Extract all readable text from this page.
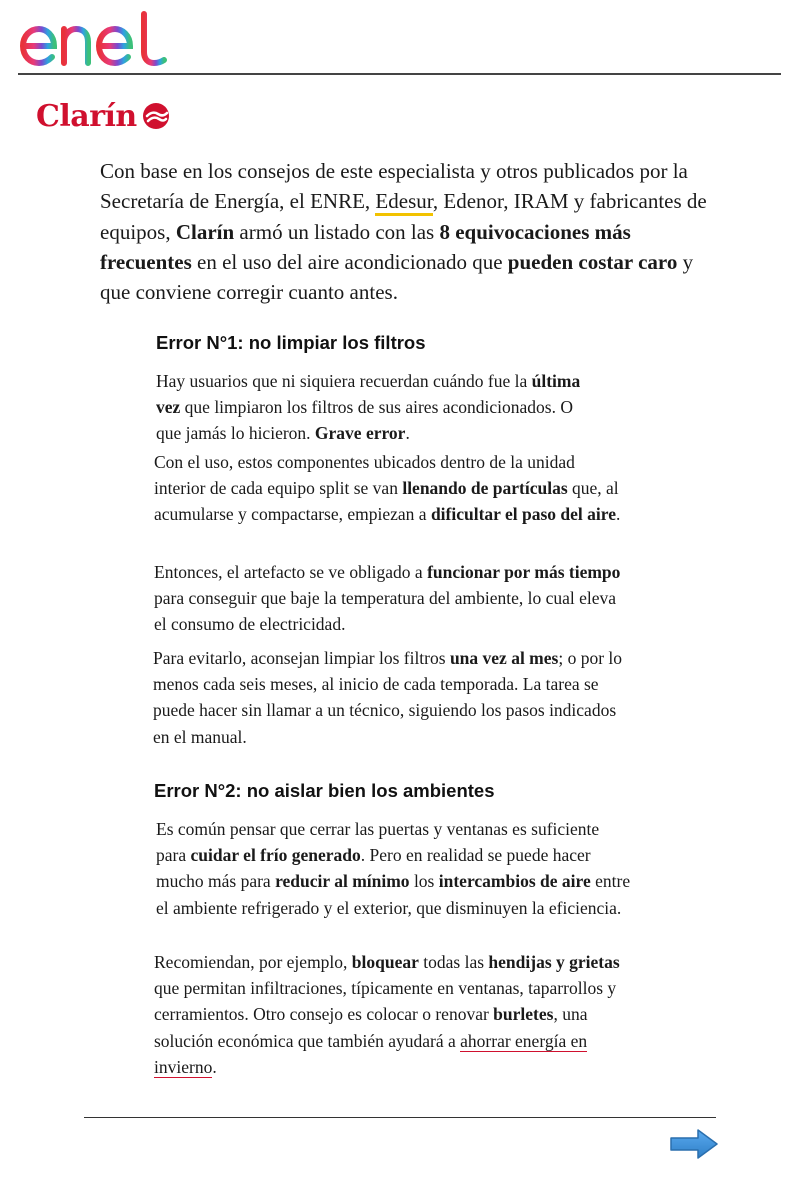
Clarín

Con base en los consejos de este especialista y otros publicados por la Secretaría de Energía, el ENRE, Edesur, Edenor, IRAM y fabricantes de equipos, Clarín armó un listado con las 8 equivocaciones más frecuentes en el uso del aire acondicionado que pueden costar caro y que conviene corregir cuanto antes.

Error N°1: no limpiar los filtros

Hay usuarios que ni siquiera recuerdan cuándo fue la última vez que limpiaron los filtros de sus aires acondicionados. O que jamás lo hicieron. Grave error.

Con el uso, estos componentes ubicados dentro de la unidad interior de cada equipo split se van llenando de partículas que, al acumularse y compactarse, empiezan a dificultar el paso del aire.

Entonces, el artefacto se ve obligado a funcionar por más tiempo para conseguir que baje la temperatura del ambiente, lo cual eleva el consumo de electricidad.

Para evitarlo, aconsejan limpiar los filtros una vez al mes; o por lo menos cada seis meses, al inicio de cada temporada. La tarea se puede hacer sin llamar a un técnico, siguiendo los pasos indicados en el manual.

Error N°2: no aislar bien los ambientes

Es común pensar que cerrar las puertas y ventanas es suficiente para cuidar el frío generado. Pero en realidad se puede hacer mucho más para reducir al mínimo los intercambios de aire entre el ambiente refrigerado y el exterior, que disminuyen la eficiencia.

Recomiendan, por ejemplo, bloquear todas las hendijas y grietas que permitan infiltraciones, típicamente en ventanas, taparrollos y cerramientos. Otro consejo es colocar o renovar burletes, una solución económica que también ayudará a ahorrar energía en invierno.
